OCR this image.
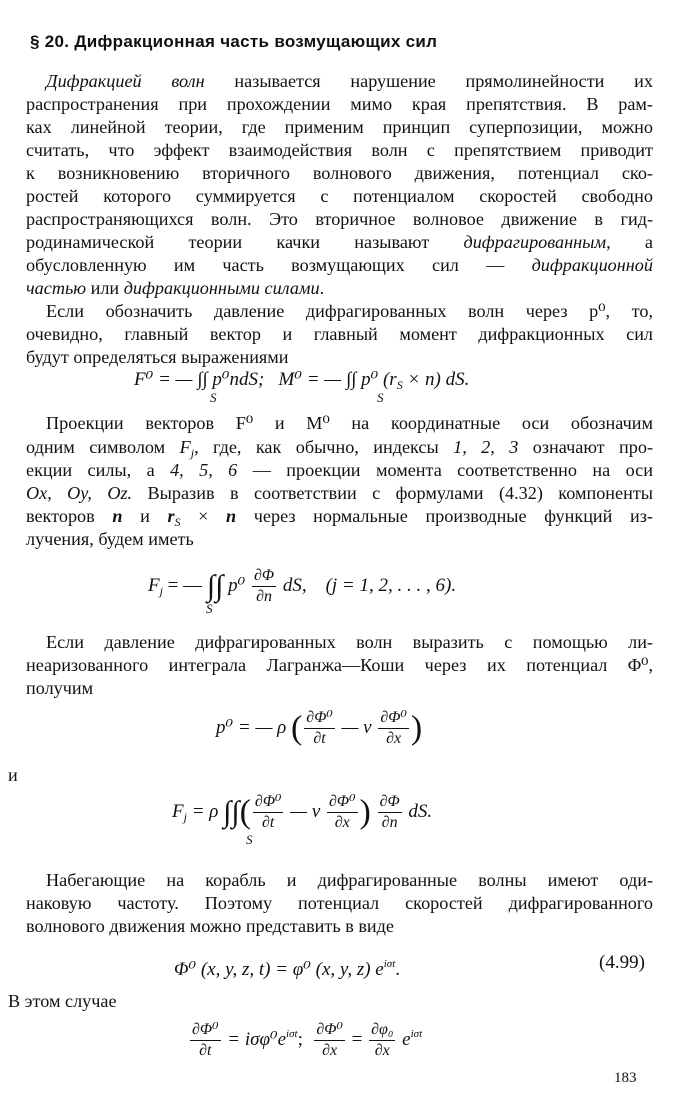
§ 20. Дифракционная часть возмущающих сил
Дифракцией волн называется нарушение прямолинейности их
распространения при прохождении мимо края препятствия. В рам-
ках линейной теории, где применим принцип суперпозиции, можно
считать, что эффект взаимодействия волн с препятствием приводит
к возникновению вторичного волнового движения, потенциал ско-
ростей которого суммируется с потенциалом скоростей свободно
распространяющихся волн. Это вторичное волновое движение в гид-
родинамической теории качки называют дифрагированным, а
обусловленную им часть возмущающих сил — дифракционной
частью или дифракционными силами.
Если обозначить давление дифрагированных волн через p⁰, то,
очевидно, главный вектор и главный момент дифракционных сил
будут определяться выражениями
F⁰ = — ∫∫ p⁰ndS; M⁰ = — ∫∫ p⁰ $(r_S \times n)$ dS.
S	S
Проекции векторов F⁰ и M⁰ на координатные оси обозначим
одним символом $F_j$, где, как обычно, индексы 1, 2, 3 означают про-
екции силы, а 4, 5, 6 — проекции момента соответственно на оси
Ox, Oy, Oz. Выразив в соответствии с формулами (4.32) компоненты
векторов n и $r_S \times n$ через нормальные производные функций из-
лучения, будем иметь
$F_j$ = — ∫∫ $p^0 \frac{\partial\Phi}{\partial n}$ dS, (j = 1, 2, . . . , 6).
S
Если давление дифрагированных волн выразить с помощью ли-
неаризованного интеграла Лагранжа—Коши через их потенциал Φ⁰,
получим
p⁰ = — ρ ( $\frac{\text{∂Φ⁰}}{\partial t}$ — v $\frac{\text{∂Φ⁰}}{\partial x}$ )
и
$F_j = \rho$ ∫∫( $\frac{\text{∂Φ⁰}}{\partial t}$ — v $\frac{\text{∂Φ⁰}}{\partial x}$ ) $\frac{\partial\Phi}{\partial n}$ dS.
S
Набегающие на корабль и дифрагированные волны имеют оди-
наковую частоту. Поэтому потенциал скоростей дифрагированного
волнового движения можно представить в виде
Φ⁰ (x, y, z, t) = φ⁰ (x, y, z) $e^{i\sigma t}$.	(4.99)
В этом случае
$\frac{\text{∂Φ⁰}}{\partial t} = i\sigma\varphi^0e^{i\sigma t}$; $\frac{\text{∂Φ⁰}}{\partial x} = \frac{\text{∂φ₀}}{\partial x} e^{i\sigma t}$
183
